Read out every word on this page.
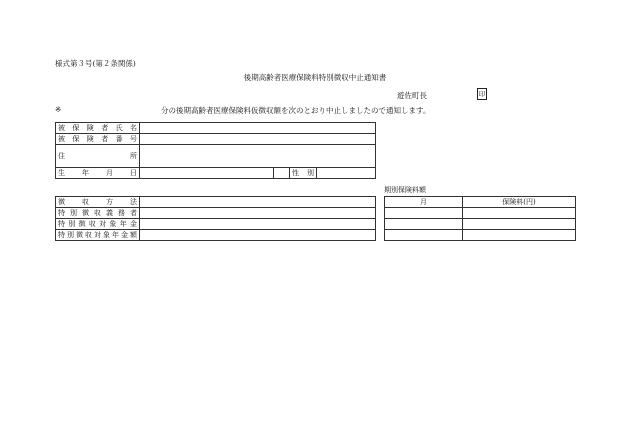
様式第３号(第２条関係)
後期高齢者医療保険料特別徴収中止通知書
遊佐町長	印
※	分の後期高齢者医療保険料仮徴収額を次のとおり中止しましたので通知します。
被保険者氏名				
被保険者番号				
住所				
生年月日			性別	
徴収方法	
特別徴収義務者	
特別徴収対象年金	
特別徴収対象年金額	
期別保険料額
月	保険料(円)
